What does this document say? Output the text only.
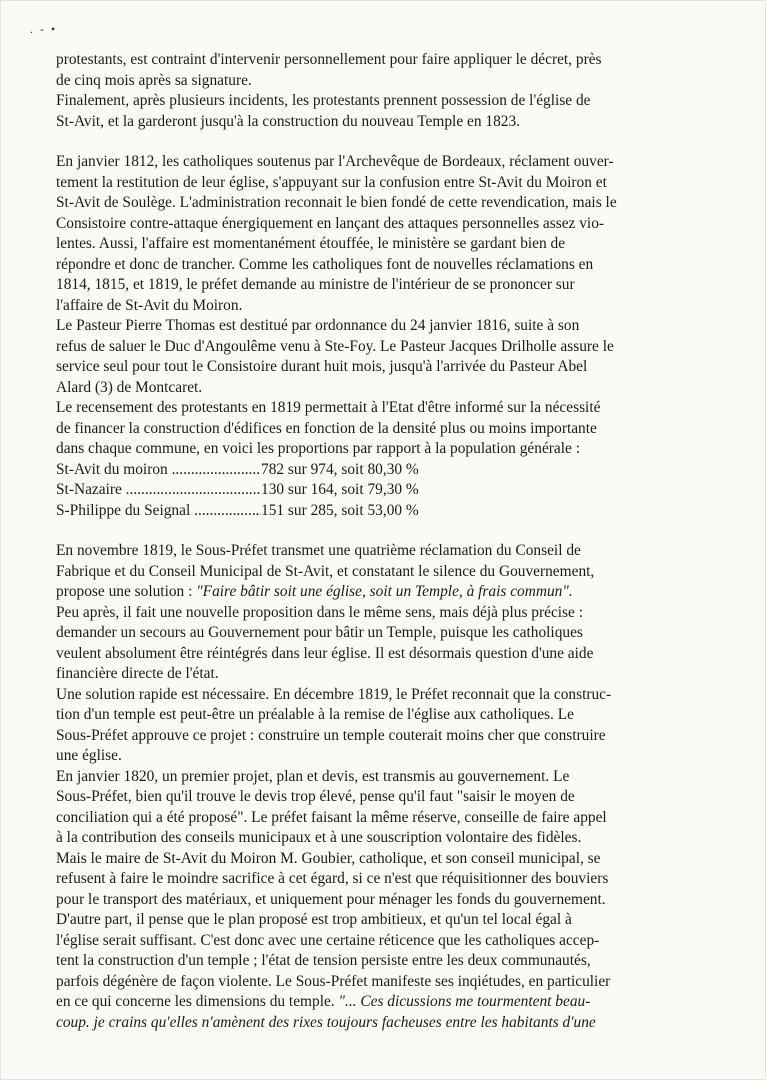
. - •
protestants, est contraint d'intervenir personnellement pour faire appliquer le décret, près
de cinq mois après sa signature.
Finalement, après plusieurs incidents, les protestants prennent possession de l'église de
St-Avit, et la garderont jusqu'à la construction du nouveau Temple en 1823.
En janvier 1812, les catholiques soutenus par l'Archevêque de Bordeaux, réclament ouver-
tement la restitution de leur église, s'appuyant sur la confusion entre St-Avit du Moiron et
St-Avit de Soulège. L'administration reconnait le bien fondé de cette revendication, mais le
Consistoire contre-attaque énergiquement en lançant des attaques personnelles assez vio-
lentes. Aussi, l'affaire est momentanément étouffée, le ministère se gardant bien de
répondre et donc de trancher. Comme les catholiques font de nouvelles réclamations en
1814, 1815, et 1819, le préfet demande au ministre de l'intérieur de se prononcer sur
l'affaire de St-Avit du Moiron.
Le Pasteur Pierre Thomas est destitué par ordonnance du 24 janvier 1816, suite à son
refus de saluer le Duc d'Angoulême venu à Ste-Foy. Le Pasteur Jacques Drilholle assure le
service seul pour tout le Consistoire durant huit mois, jusqu'à l'arrivée du Pasteur Abel
Alard (3) de Montcaret.
Le recensement des protestants en 1819 permettait à l'Etat d'être informé sur la nécessité
de financer la construction d'édifices en fonction de la densité plus ou moins importante
dans chaque commune, en voici les proportions par rapport à la population générale :
St-Avit du moiron .....	782 sur 974, soit 80,30 %
St-Nazaire .....	130 sur 164, soit 79,30 %
S-Philippe du Seignal .....	151 sur 285, soit 53,00 %
En novembre 1819, le Sous-Préfet transmet une quatrième réclamation du Conseil de
Fabrique et du Conseil Municipal de St-Avit, et constatant le silence du Gouvernement,
propose une solution : "Faire bâtir soit une église, soit un Temple, à frais commun".
Peu après, il fait une nouvelle proposition dans le même sens, mais déjà plus précise :
demander un secours au Gouvernement pour bâtir un Temple, puisque les catholiques
veulent absolument être réintégrés dans leur église. Il est désormais question d'une aide
financière directe de l'état.
Une solution rapide est nécessaire. En décembre 1819, le Préfet reconnait que la construc-
tion d'un temple est peut-être un préalable à la remise de l'église aux catholiques. Le
Sous-Préfet approuve ce projet : construire un temple couterait moins cher que construire
une église.
En janvier 1820, un premier projet, plan et devis, est transmis au gouvernement. Le
Sous-Préfet, bien qu'il trouve le devis trop élevé, pense qu'il faut "saisir le moyen de
conciliation qui a été proposé". Le préfet faisant la même réserve, conseille de faire appel
à la contribution des conseils municipaux et à une souscription volontaire des fidèles.
Mais le maire de St-Avit du Moiron M. Goubier, catholique, et son conseil municipal, se
refusent à faire le moindre sacrifice à cet égard, si ce n'est que réquisitionner des bouviers
pour le transport des matériaux, et uniquement pour ménager les fonds du gouvernement.
D'autre part, il pense que le plan proposé est trop ambitieux, et qu'un tel local égal à
l'église serait suffisant. C'est donc avec une certaine réticence que les catholiques accep-
tent la construction d'un temple ; l'état de tension persiste entre les deux communautés,
parfois dégénère de façon violente. Le Sous-Préfet manifeste ses inqiétudes, en particulier
en ce qui concerne les dimensions du temple. "... Ces dicussions me tourmentent beau-
coup. je crains qu'elles n'amènent des rixes toujours facheuses entre les habitants d'une
